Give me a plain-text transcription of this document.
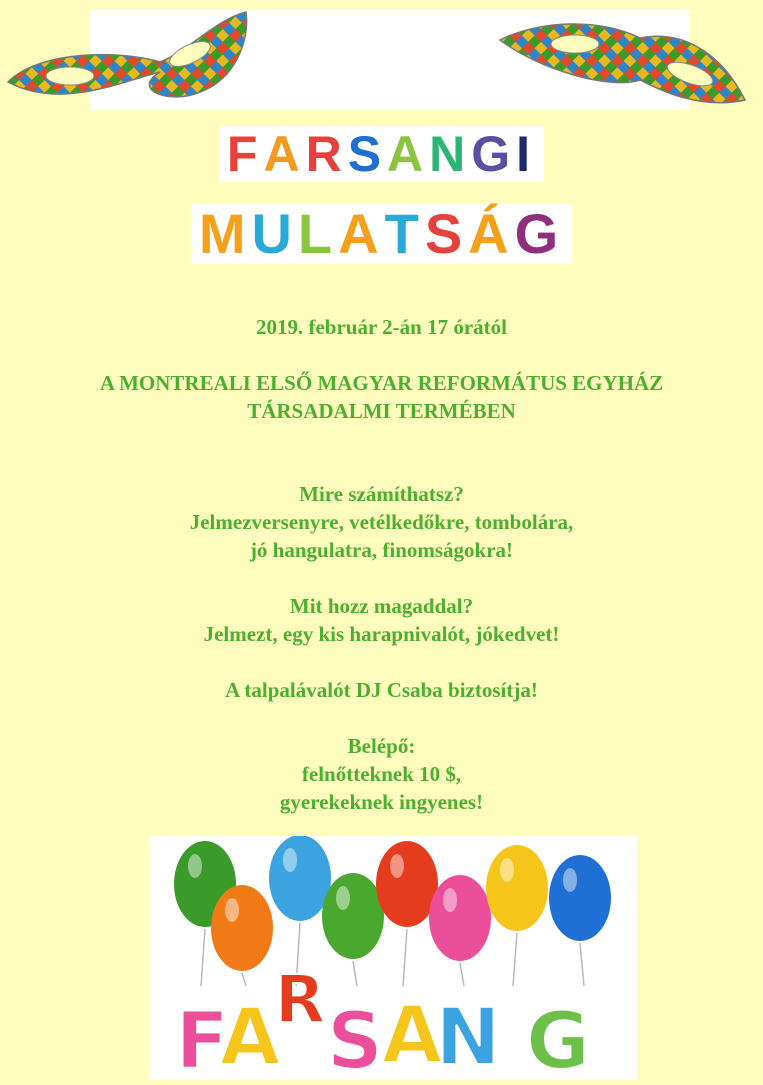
FARSANGI
MULATSÁG
2019. február 2-án 17 órától
A MONTREALI ELSŐ MAGYAR REFORMÁTUS EGYHÁZ
TÁRSADALMI TERMÉBEN
Mire számíthatsz?
Jelmezversenyre, vetélkedőkre, tombolára,
jó hangulatra, finomságokra!
Mit hozz magaddal?
Jelmezt, egy kis harapnivalót, jókedvet!
A talpalávalót DJ Csaba biztosítja!
Belépő:
felnőtteknek 10 $,
gyerekeknek ingyenes!
F
A
R S
A
N G
